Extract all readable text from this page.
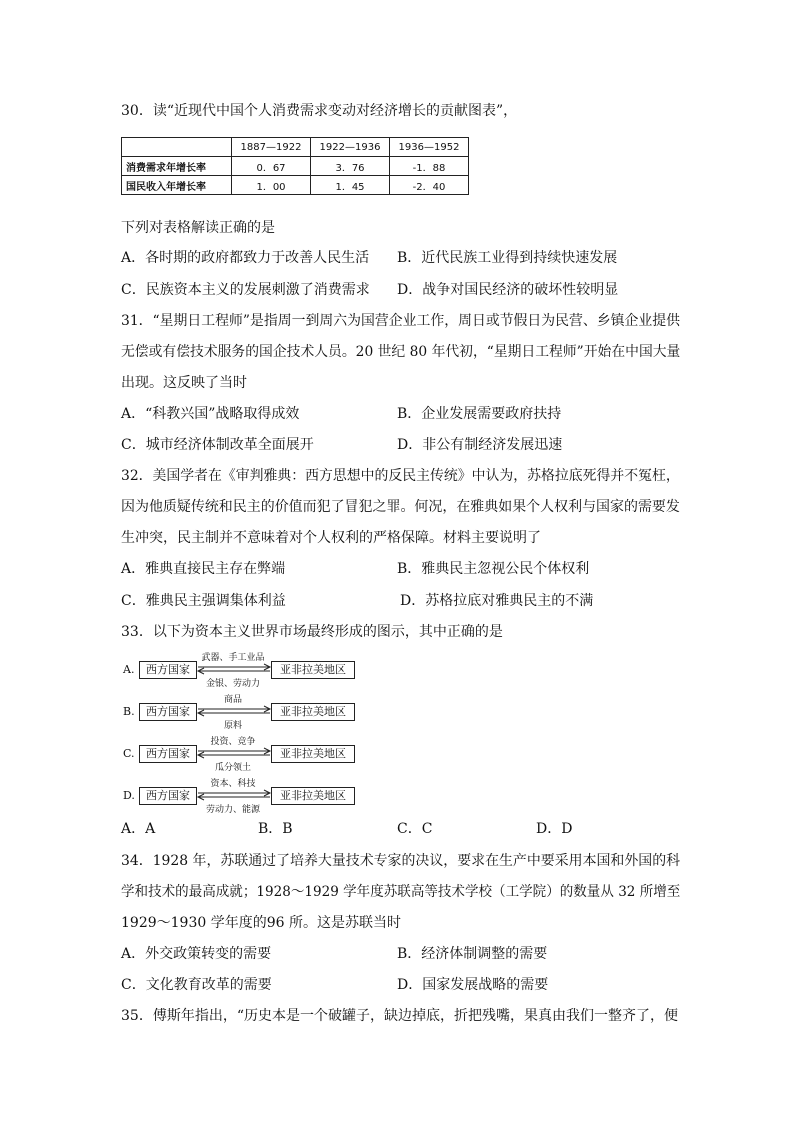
30．读“近现代中国个人消费需求变动对经济增长的贡献图表”，
	1887—1922	1922—1936	1936—1952
消费需求年增长率	0．67	3．76	-1．88
国民收入年增长率	1．00	1．45	-2．40
下列对表格解读正确的是
A．各时期的政府都致力于改善人民生活 B．近代民族工业得到持续快速发展
C．民族资本主义的发展刺激了消费需求 D．战争对国民经济的破坏性较明显
31．“星期日工程师”是指周一到周六为国营企业工作，周日或节假日为民营、乡镇企业提供
无偿或有偿技术服务的国企技术人员。20 世纪 80 年代初，“星期日工程师”开始在中国大量
出现。这反映了当时
A．“科教兴国”战略取得成效	B．企业发展需要政府扶持
C．城市经济体制改革全面展开	D．非公有制经济发展迅速
32．美国学者在《审判雅典：西方思想中的反民主传统》中认为，苏格拉底死得并不冤枉，
因为他质疑传统和民主的价值而犯了冒犯之罪。何况，在雅典如果个人权利与国家的需要发
生冲突，民主制并不意味着对个人权利的严格保障。材料主要说明了
A．雅典直接民主存在弊端	B．雅典民主忽视公民个体权利
C．雅典民主强调集体利益	D．苏格拉底对雅典民主的不满
33．以下为资本主义世界市场最终形成的图示，其中正确的是
A.	西方国家
武器、手工业品
金银、劳动力
亚非拉美地区
B.	西方国家
商品
原料
亚非拉美地区
C.	西方国家
投资、竞争
瓜分领土
亚非拉美地区
D.	西方国家
资本、科技
劳动力、能源
亚非拉美地区
A．A	B．B	C．C	D．D
34．1928 年，苏联通过了培养大量技术专家的决议，要求在生产中要采用本国和外国的科
学和技术的最高成就；1928～1929 学年度苏联高等技术学校（工学院）的数量从 32 所增至
1929～1930 学年度的96 所。这是苏联当时
A．外交政策转变的需要	B．经济体制调整的需要
C．文化教育改革的需要	D．国家发展战略的需要
35．傅斯年指出，“历史本是一个破罐子，缺边掉底，折把残嘴，果真由我们一整齐了，便
